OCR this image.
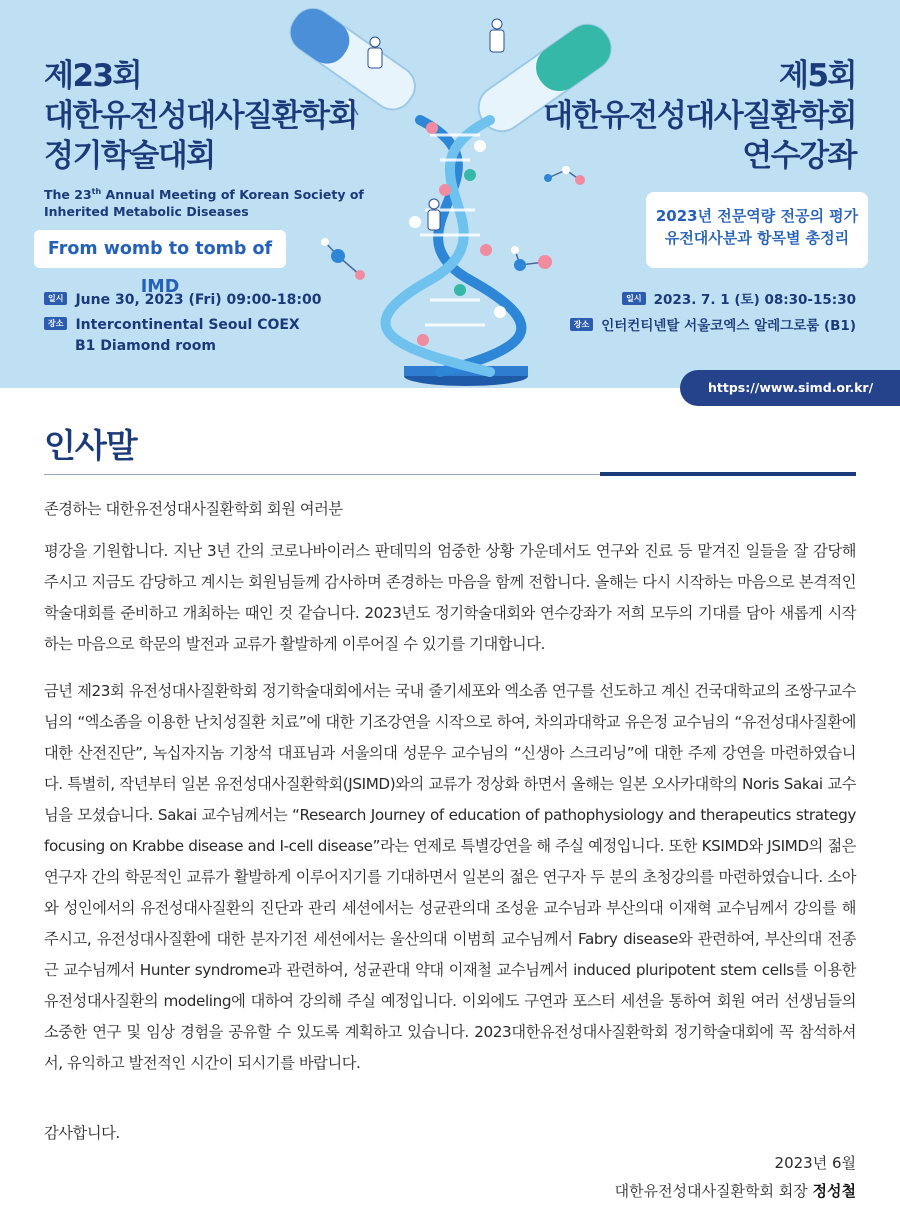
제23회
대한유전성대사질환학회
정기학술대회
The 23th Annual Meeting of Korean Society of
Inherited Metabolic Diseases
From womb to tomb of IMD
일시 June 30, 2023 (Fri) 09:00-18:00
장소 Intercontinental Seoul COEX
B1 Diamond room
제5회
대한유전성대사질환학회
연수강좌
2023년 전문역량 전공의 평가
유전대사분과 항목별 총정리
일시 2023. 7. 1 (토) 08:30-15:30
장소 인터컨티넨탈 서울코엑스 알레그로룸 (B1)
https://www.simd.or.kr/
인사말
존경하는 대한유전성대사질환학회 회원 여러분
평강을 기원합니다. 지난 3년 간의 코로나바이러스 판데믹의 엄중한 상황 가운데서도 연구와 진료 등 맡겨진 일들을 잘 감당해 주시고 지금도 감당하고 계시는 회원님들께 감사하며 존경하는 마음을 함께 전합니다. 올해는 다시 시작하는 마음으로 본격적인 학술대회를 준비하고 개최하는 때인 것 같습니다. 2023년도 정기학술대회와 연수강좌가 저희 모두의 기대를 담아 새롭게 시작하는 마음으로 학문의 발전과 교류가 활발하게 이루어질 수 있기를 기대합니다.
금년 제23회 유전성대사질환학회 정기학술대회에서는 국내 줄기세포와 엑소좀 연구를 선도하고 계신 건국대학교의 조쌍구교수님의 “엑소좀을 이용한 난치성질환 치료”에 대한 기조강연을 시작으로 하여, 차의과대학교 유은정 교수님의 “유전성대사질환에 대한 산전진단”, 녹십자지놈 기창석 대표님과 서울의대 성문우 교수님의 “신생아 스크리닝”에 대한 주제 강연을 마련하였습니다. 특별히, 작년부터 일본 유전성대사질환학회(JSIMD)와의 교류가 정상화 하면서 올해는 일본 오사카대학의 Noris Sakai 교수님을 모셨습니다. Sakai 교수님께서는 “Research Journey of education of pathophysiology and therapeutics strategy focusing on Krabbe disease and I-cell disease”라는 연제로 특별강연을 해 주실 예정입니다. 또한 KSIMD와 JSIMD의 젊은 연구자 간의 학문적인 교류가 활발하게 이루어지기를 기대하면서 일본의 젊은 연구자 두 분의 초청강의를 마련하였습니다. 소아와 성인에서의 유전성대사질환의 진단과 관리 세션에서는 성균관의대 조성윤 교수님과 부산의대 이재혁 교수님께서 강의를 해주시고, 유전성대사질환에 대한 분자기전 세션에서는 울산의대 이범희 교수님께서 Fabry disease와 관련하여, 부산의대 전종근 교수님께서 Hunter syndrome과 관련하여, 성균관대 약대 이재철 교수님께서 induced pluripotent stem cells를 이용한 유전성대사질환의 modeling에 대하여 강의해 주실 예정입니다. 이외에도 구연과 포스터 세션을 통하여 회원 여러 선생님들의 소중한 연구 및 임상 경험을 공유할 수 있도록 계획하고 있습니다. 2023대한유전성대사질환학회 정기학술대회에 꼭 참석하셔서, 유익하고 발전적인 시간이 되시기를 바랍니다.
감사합니다.
2023년 6월
대한유전성대사질환학회 회장 정성철
